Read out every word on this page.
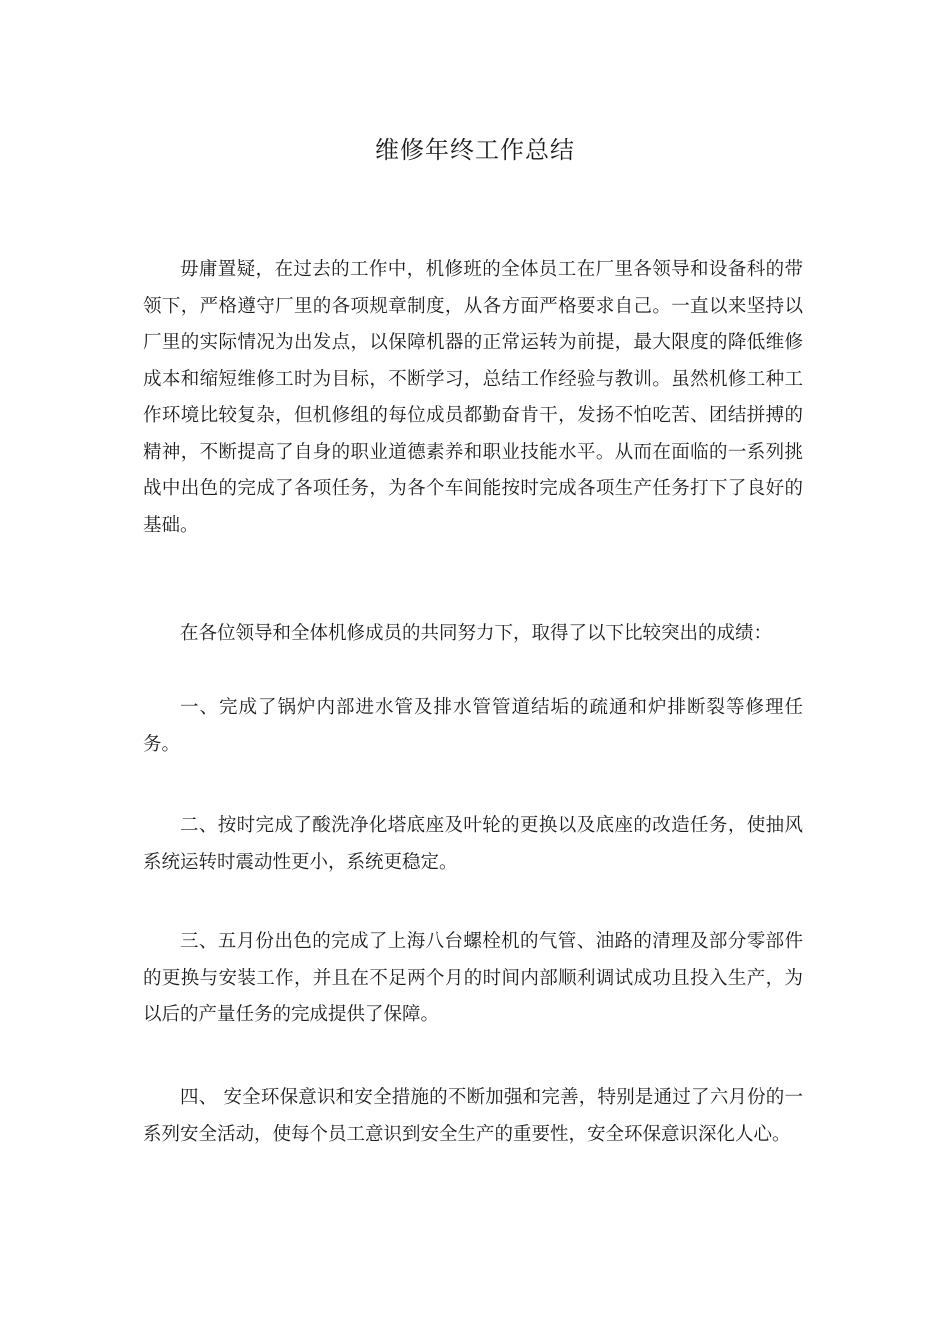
维修年终工作总结

毋庸置疑，在过去的工作中，机修班的全体员工在厂里各领导和设备科的带领下，严格遵守厂里的各项规章制度，从各方面严格要求自己。一直以来坚持以厂里的实际情况为出发点，以保障机器的正常运转为前提，最大限度的降低维修成本和缩短维修工时为目标，不断学习，总结工作经验与教训。虽然机修工种工作环境比较复杂，但机修组的每位成员都勤奋肯干，发扬不怕吃苦、团结拼搏的精神，不断提高了自身的职业道德素养和职业技能水平。从而在面临的一系列挑战中出色的完成了各项任务，为各个车间能按时完成各项生产任务打下了良好的基础。

在各位领导和全体机修成员的共同努力下，取得了以下比较突出的成绩：

一、完成了锅炉内部进水管及排水管管道结垢的疏通和炉排断裂等修理任务。

二、按时完成了酸洗净化塔底座及叶轮的更换以及底座的改造任务，使抽风系统运转时震动性更小，系统更稳定。

三、五月份出色的完成了上海八台螺栓机的气管、油路的清理及部分零部件的更换与安装工作，并且在不足两个月的时间内部顺利调试成功且投入生产，为以后的产量任务的完成提供了保障。

四、 安全环保意识和安全措施的不断加强和完善，特别是通过了六月份的一系列安全活动，使每个员工意识到安全生产的重要性，安全环保意识深化人心。
